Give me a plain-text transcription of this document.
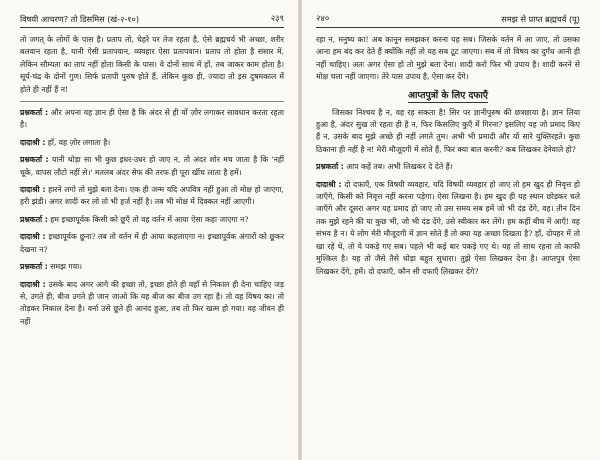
विषयी आचरण? तो डिसमिस (खं-२-१०)	२३९

तो जगत् के लोगों के पास है। प्रताप तो, चेहरे पर तेज रहता है, ऐसे ब्रह्मचर्य भी अच्छा, शरीर बलवान रहता है, यानी ऐसी प्रतापवान, व्यवहार ऐसा प्रतापवान। प्रताप तो होता है संसार में, लेकिन सौम्यता का ताप नहीं होता किसी के पास। वे दोनों साथ में हों, तब जाकर काम होता है। सूर्य-चंद्र के दोनों गुण। सिर्फ प्रतापी पुरुष होते हैं, लेकिन कुछ ही, ज्यादा तो इस दुषमकाल में होते ही नहीं हैं न!

प्रश्नकर्ता : और अपना यह ज्ञान ही ऐसा है कि अंदर से ही यों ज़ोर लगाकर सावधान करता रहता है।

दादाश्री : हाँ, वह ज़ोर लगाता है।

प्रश्नकर्ता : यानी थोड़ा सा भी कुछ इधर-उधर हो जाए न, तो अंदर शोर मच जाता है कि 'नहीं चूके, वापस लौटो नहीं से।' मतलब अंदर सेफ की तरफ ही पूरा खींच लाता है हमें।

दादाश्री : हारने लगो तो मुझे बता देना। एक ही जन्म यदि अपवित्र नहीं हुआ तो मोक्ष हो जाएगा, हरी झंडी। अगर शादी कर लो तो भी हर्ज नहीं है। तब भी मोक्ष में दिक्कत नहीं आएगी।

प्रश्नकर्ता : हम इच्छापूर्वक किसी को छूएँ तो वह वर्तन में आया ऐसा कहा जाएगा न?

दादाश्री : इच्छापूर्वक छूना? तब तो वर्तन में ही आया कहलाएगा न। इच्छापूर्वक अंगारों को छूकर देखना न?

प्रश्नकर्ता : समझ गया।

दादाश्री : उसके बाद अगर आगे की इच्छा तो, इच्छा होते ही वहाँ से निकाल ही देना चाहिए जड़ से, उगते ही, बीज उगते ही जान जाओ कि यह बीज का बीज उग रहा है। तो वह विषय का। तो तोड़कर निकाल देना है। वर्ना उसे छूते ही आनंद हुआ, तब तो फिर खत्म हो गया। वह जीवन ही नहीं

२४०	समझ से प्राप्त ब्रह्मचर्य (पू)

रहा न, मनुष्य का! अब कानून समझकर करना यह सब। जिसके वर्तन में आ जाए, तो उसका आना हम बंद कर देते हैं क्योंकि नहीं तो यह सब टूट जाएगा। सब में तो विषय का दुर्गंध आनी ही नहीं चाहिए। अतः अगर ऐसा हो तो मुझे बता देना। शादी करो फिर भी उपाय है। शादी करने से मोक्ष चला नहीं जाएगा। तेरे पास उपाय है, ऐसा कर देंगे।

आप्तपुत्रों के लिए दफाएँ

जिसका निश्चय है न, वह रह सकता है! सिर पर ज्ञानीपुरुष की छत्रछाया है। ज्ञान लिया हुआ है, अंदर सुख तो रहता ही है न, फिर किसलिए कुएँ में गिरना? इसलिए यह जो प्रमाद किए हैं न, उसके बाद मुझे अच्छे ही नहीं लगते तुम। अभी भी प्रमादी और यों सारे युक्तिरहते। कुछ ठिकाना ही नहीं है न! मेरी मौजूदगी में सोते हैं, फिर क्या बात करनी? कब लिखकर देनेवाले हो?

प्रश्नकर्ता : आप कहें तब। अभी लिखकर दे देते हैं।

दादाश्री : दो दफाएँ, एक विषयी व्यवहार, यदि विषयी व्यवहार हो जाए तो हम खुद ही निवृत्त हो जाएँगे, किसी को निवृत्त नहीं करना पड़ेगा। ऐसा लिखना है। हम खुद ही यह स्थान छोड़कर चले जाएँगे और दूसरा अगर यह प्रमाद हो जाए तो उस समय सब हमें जो भी दंड देंगे, वह। तीन दिन तक मुझे रहने की या कुछ भी, जो भी दंड देंगे, उसे स्वीकार कर लेंगे। हम कहीं बीच में आएँ! वह संभव है न। ये लोग मेरी मौजूदगी में ज्ञान सोते हैं तो क्या यह अच्छा दिखता है? हाँ, दोपहर में तो खा रहे थे, तो ये पकड़े गए सब। पहले भी कई बार पकड़े गए थे। यह तो साथ रहना तो काफी मुश्किल है। यह तो जैसे तैसे थोड़ा बहुत सुधारा। तुझे ऐसा लिखकर देना है। आप्तपुत्र ऐसा लिखकर देंगे, हमें। दो दफाएँ, कौन सी दफाएँ लिखकर देंगे?
